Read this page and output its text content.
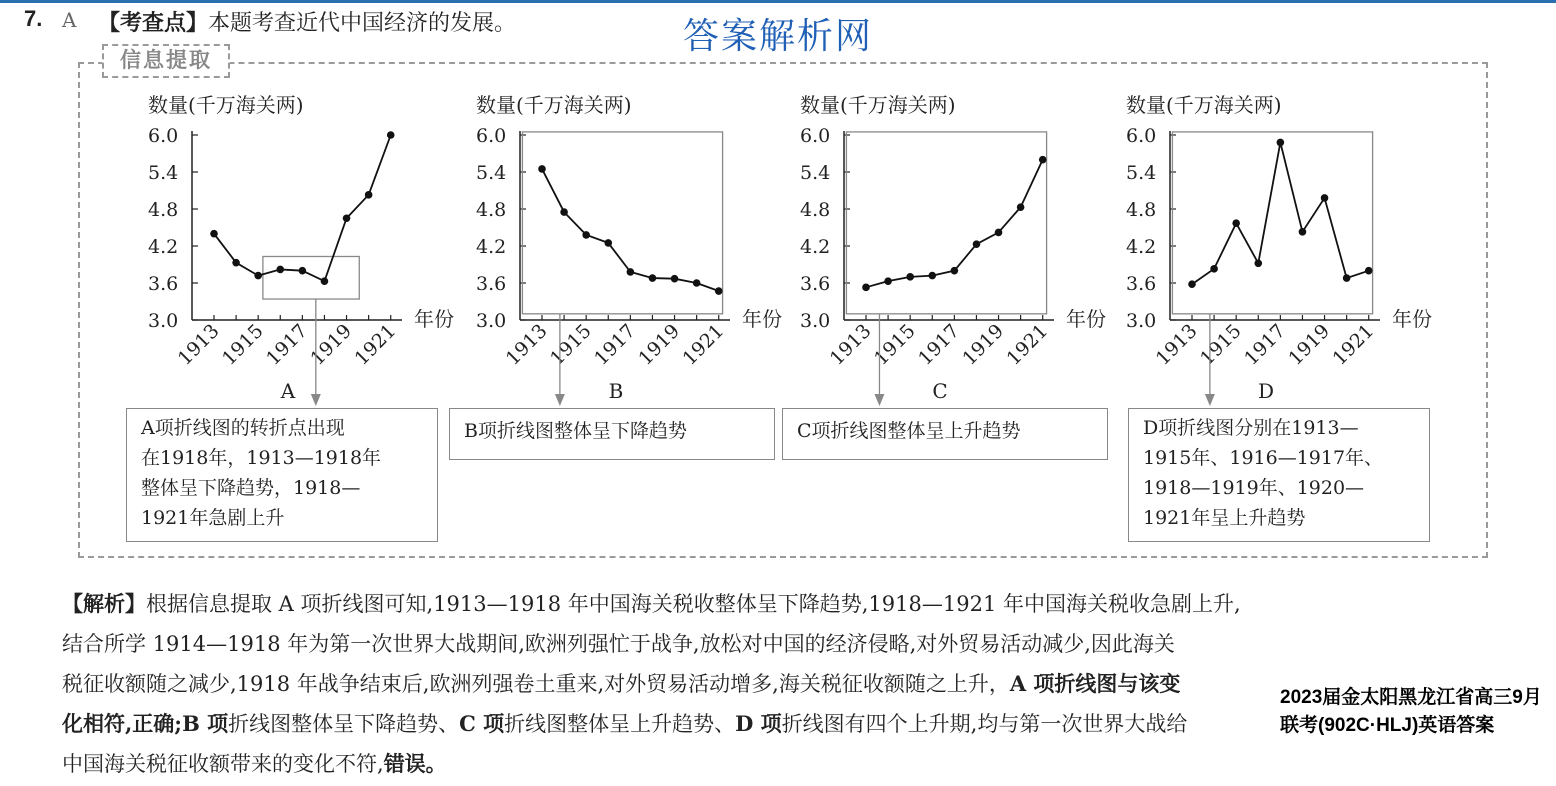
7. A 【考查点】本题考查近代中国经济的发展。	答案解析网
信息提取
数量(千万海关两)
6.0
5.4
4.8
4.2
3.6
3.0
1913
1915
1917
1919
1921
年份
A
数量(千万海关两)
6.0
5.4
4.8
4.2
3.6
3.0
1913
1915
1917
1919
1921
年份
B
数量(千万海关两)
6.0
5.4
4.8
4.2
3.6
3.0
1913
1915
1917
1919
1921
年份
C
数量(千万海关两)
6.0
5.4
4.8
4.2
3.6
3.0
1913
1915
1917
1919
1921
年份
D
A项折线图的转折点出现
在1918年，1913—1918年
整体呈下降趋势，1918—
1921年急剧上升
B项折线图整体呈下降趋势	C项折线图整体呈上升趋势	D项折线图分别在1913—
1915年、1916—1917年、
1918—1919年、1920—
1921年呈上升趋势
【解析】根据信息提取 A 项折线图可知,1913—1918 年中国海关税收整体呈下降趋势,1918—1921 年中国海关税收急剧上升,
结合所学 1914—1918 年为第一次世界大战期间,欧洲列强忙于战争,放松对中国的经济侵略,对外贸易活动减少,因此海关
税征收额随之减少,1918 年战争结束后,欧洲列强卷土重来,对外贸易活动增多,海关税征收额随之上升，A 项折线图与该变
化相符,正确;B 项折线图整体呈下降趋势、C 项折线图整体呈上升趋势、D 项折线图有四个上升期,均与第一次世界大战给
中国海关税征收额带来的变化不符,错误。
2023届金太阳黑龙江省高三9月联考(902C·HLJ)英语答案
